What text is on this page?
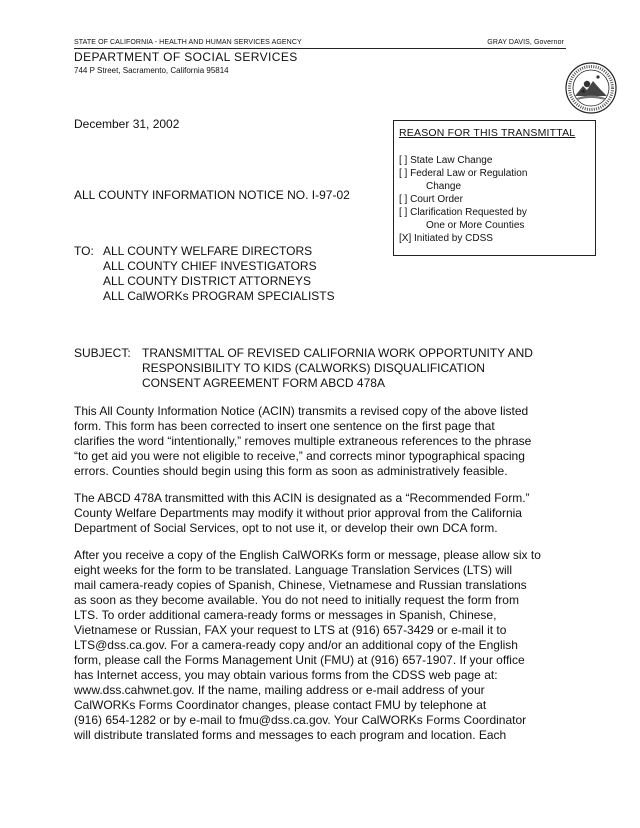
STATE OF CALIFORNIA - HEALTH AND HUMAN SERVICES AGENCY	GRAY DAVIS, Governor
DEPARTMENT OF SOCIAL SERVICES
744 P Street, Sacramento, California 95814
December 31, 2002
REASON FOR THIS TRANSMITTAL
[ ] State Law Change
[ ] Federal Law or Regulation
Change
[ ] Court Order
[ ] Clarification Requested by
One or More Counties
[X] Initiated by CDSS
ALL COUNTY INFORMATION NOTICE NO. I-97-02
TO: ALL COUNTY WELFARE DIRECTORS
ALL COUNTY CHIEF INVESTIGATORS
ALL COUNTY DISTRICT ATTORNEYS
ALL CalWORKs PROGRAM SPECIALISTS
SUBJECT: TRANSMITTAL OF REVISED CALIFORNIA WORK OPPORTUNITY AND
RESPONSIBILITY TO KIDS (CALWORKS) DISQUALIFICATION
CONSENT AGREEMENT FORM ABCD 478A
This All County Information Notice (ACIN) transmits a revised copy of the above listed
form. This form has been corrected to insert one sentence on the first page that
clarifies the word “intentionally,” removes multiple extraneous references to the phrase
“to get aid you were not eligible to receive,” and corrects minor typographical spacing
errors. Counties should begin using this form as soon as administratively feasible.
The ABCD 478A transmitted with this ACIN is designated as a “Recommended Form.”
County Welfare Departments may modify it without prior approval from the California
Department of Social Services, opt to not use it, or develop their own DCA form.
After you receive a copy of the English CalWORKs form or message, please allow six to
eight weeks for the form to be translated. Language Translation Services (LTS) will
mail camera-ready copies of Spanish, Chinese, Vietnamese and Russian translations
as soon as they become available. You do not need to initially request the form from
LTS. To order additional camera-ready forms or messages in Spanish, Chinese,
Vietnamese or Russian, FAX your request to LTS at (916) 657-3429 or e-mail it to
LTS@dss.ca.gov. For a camera-ready copy and/or an additional copy of the English
form, please call the Forms Management Unit (FMU) at (916) 657-1907. If your office
has Internet access, you may obtain various forms from the CDSS web page at:
www.dss.cahwnet.gov. If the name, mailing address or e-mail address of your
CalWORKs Forms Coordinator changes, please contact FMU by telephone at
(916) 654-1282 or by e-mail to fmu@dss.ca.gov. Your CalWORKs Forms Coordinator
will distribute translated forms and messages to each program and location. Each
